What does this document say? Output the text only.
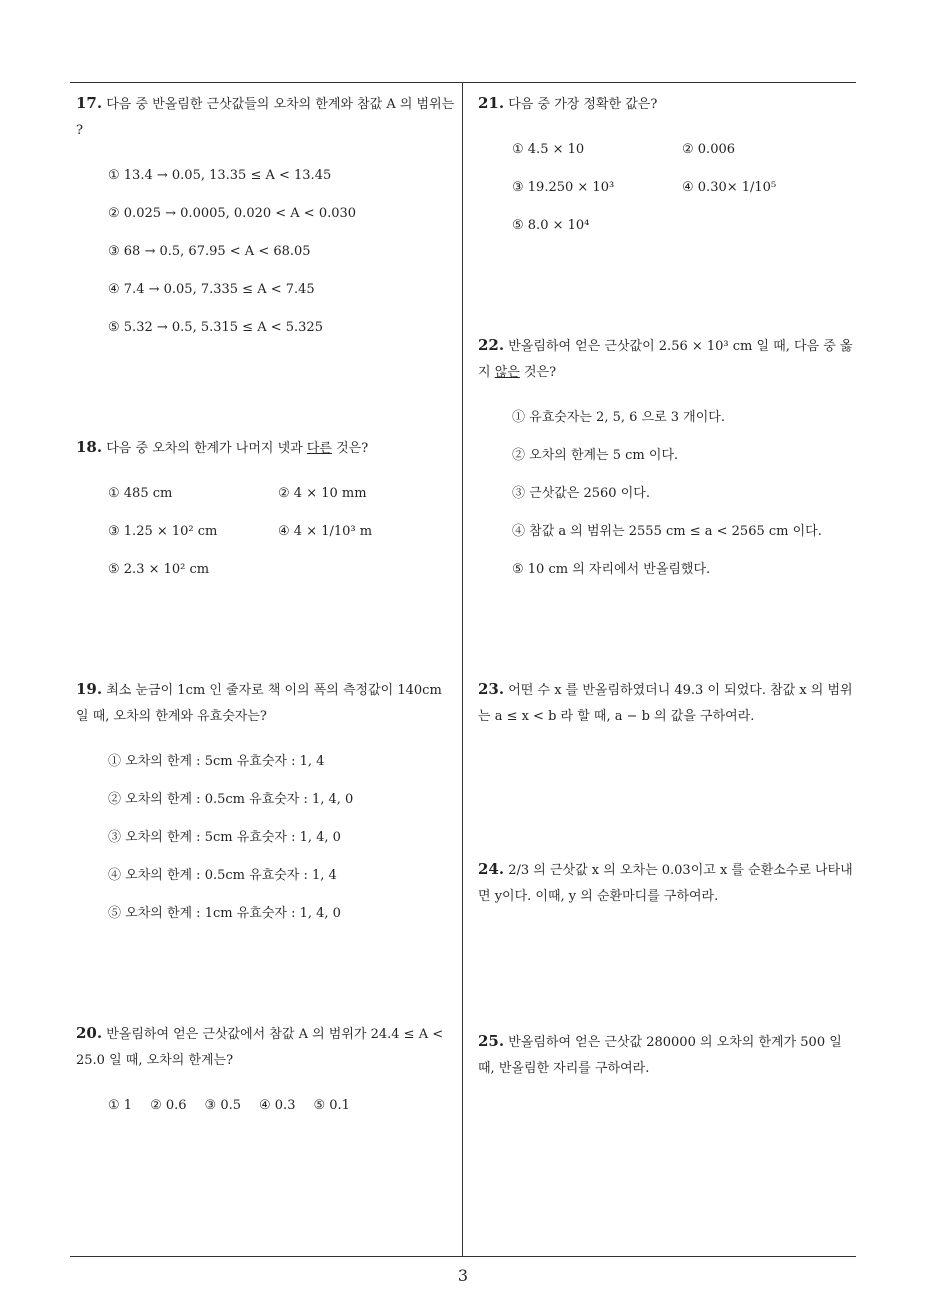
17. 다음 중 반올림한 근삿값들의 오차의 한계와 참값 A 의 범위는 ?

① 13.4 → 0.05, 13.35 ≤ A < 13.45
② 0.025 → 0.0005, 0.020 < A < 0.030
③ 68 → 0.5, 67.95 < A < 68.05
④ 7.4 → 0.05, 7.335 ≤ A < 7.45
⑤ 5.32 → 0.5, 5.315 ≤ A < 5.325

18. 다음 중 오차의 한계가 나머지 넷과 다른 것은?

① 485 cm	② 4 × 10 mm
③ 1.25 × 10² cm	④ 4 × 1/10³ m
⑤ 2.3 × 10² cm

19. 최소 눈금이 1cm 인 줄자로 책 이의 폭의 측정값이 140cm 일 때, 오차의 한계와 유효숫자는?

① 오차의 한계 : 5cm 유효숫자 : 1, 4
② 오차의 한계 : 0.5cm 유효숫자 : 1, 4, 0
③ 오차의 한계 : 5cm 유효숫자 : 1, 4, 0
④ 오차의 한계 : 0.5cm 유효숫자 : 1, 4
⑤ 오차의 한계 : 1cm 유효숫자 : 1, 4, 0

20. 반올림하여 얻은 근삿값에서 참값 A 의 범위가 24.4 ≤ A < 25.0 일 때, 오차의 한계는?

① 1 ② 0.6 ③ 0.5 ④ 0.3 ⑤ 0.1

21. 다음 중 가장 정확한 값은?

① 4.5 × 10	② 0.006
③ 19.250 × 10³	④ 0.30× 1/10⁵
⑤ 8.0 × 10⁴

22. 반올림하여 얻은 근삿값이 2.56 × 10³ cm 일 때, 다음 중 옳지 않은 것은?

① 유효숫자는 2, 5, 6 으로 3 개이다.
② 오차의 한계는 5 cm 이다.
③ 근삿값은 2560 이다.
④ 참값 a 의 범위는 2555 cm ≤ a < 2565 cm 이다.
⑤ 10 cm 의 자리에서 반올림했다.

23. 어떤 수 x 를 반올림하였더니 49.3 이 되었다. 참값 x 의 범위는 a ≤ x < b 라 할 때, a − b 의 값을 구하여라.

24. 2/3 의 근삿값 x 의 오차는 0.03이고 x 를 순환소수로 나타내면 y이다. 이때, y 의 순환마디를 구하여라.

25. 반올림하여 얻은 근삿값 280000 의 오차의 한계가 500 일 때, 반올림한 자리를 구하여라.

3
